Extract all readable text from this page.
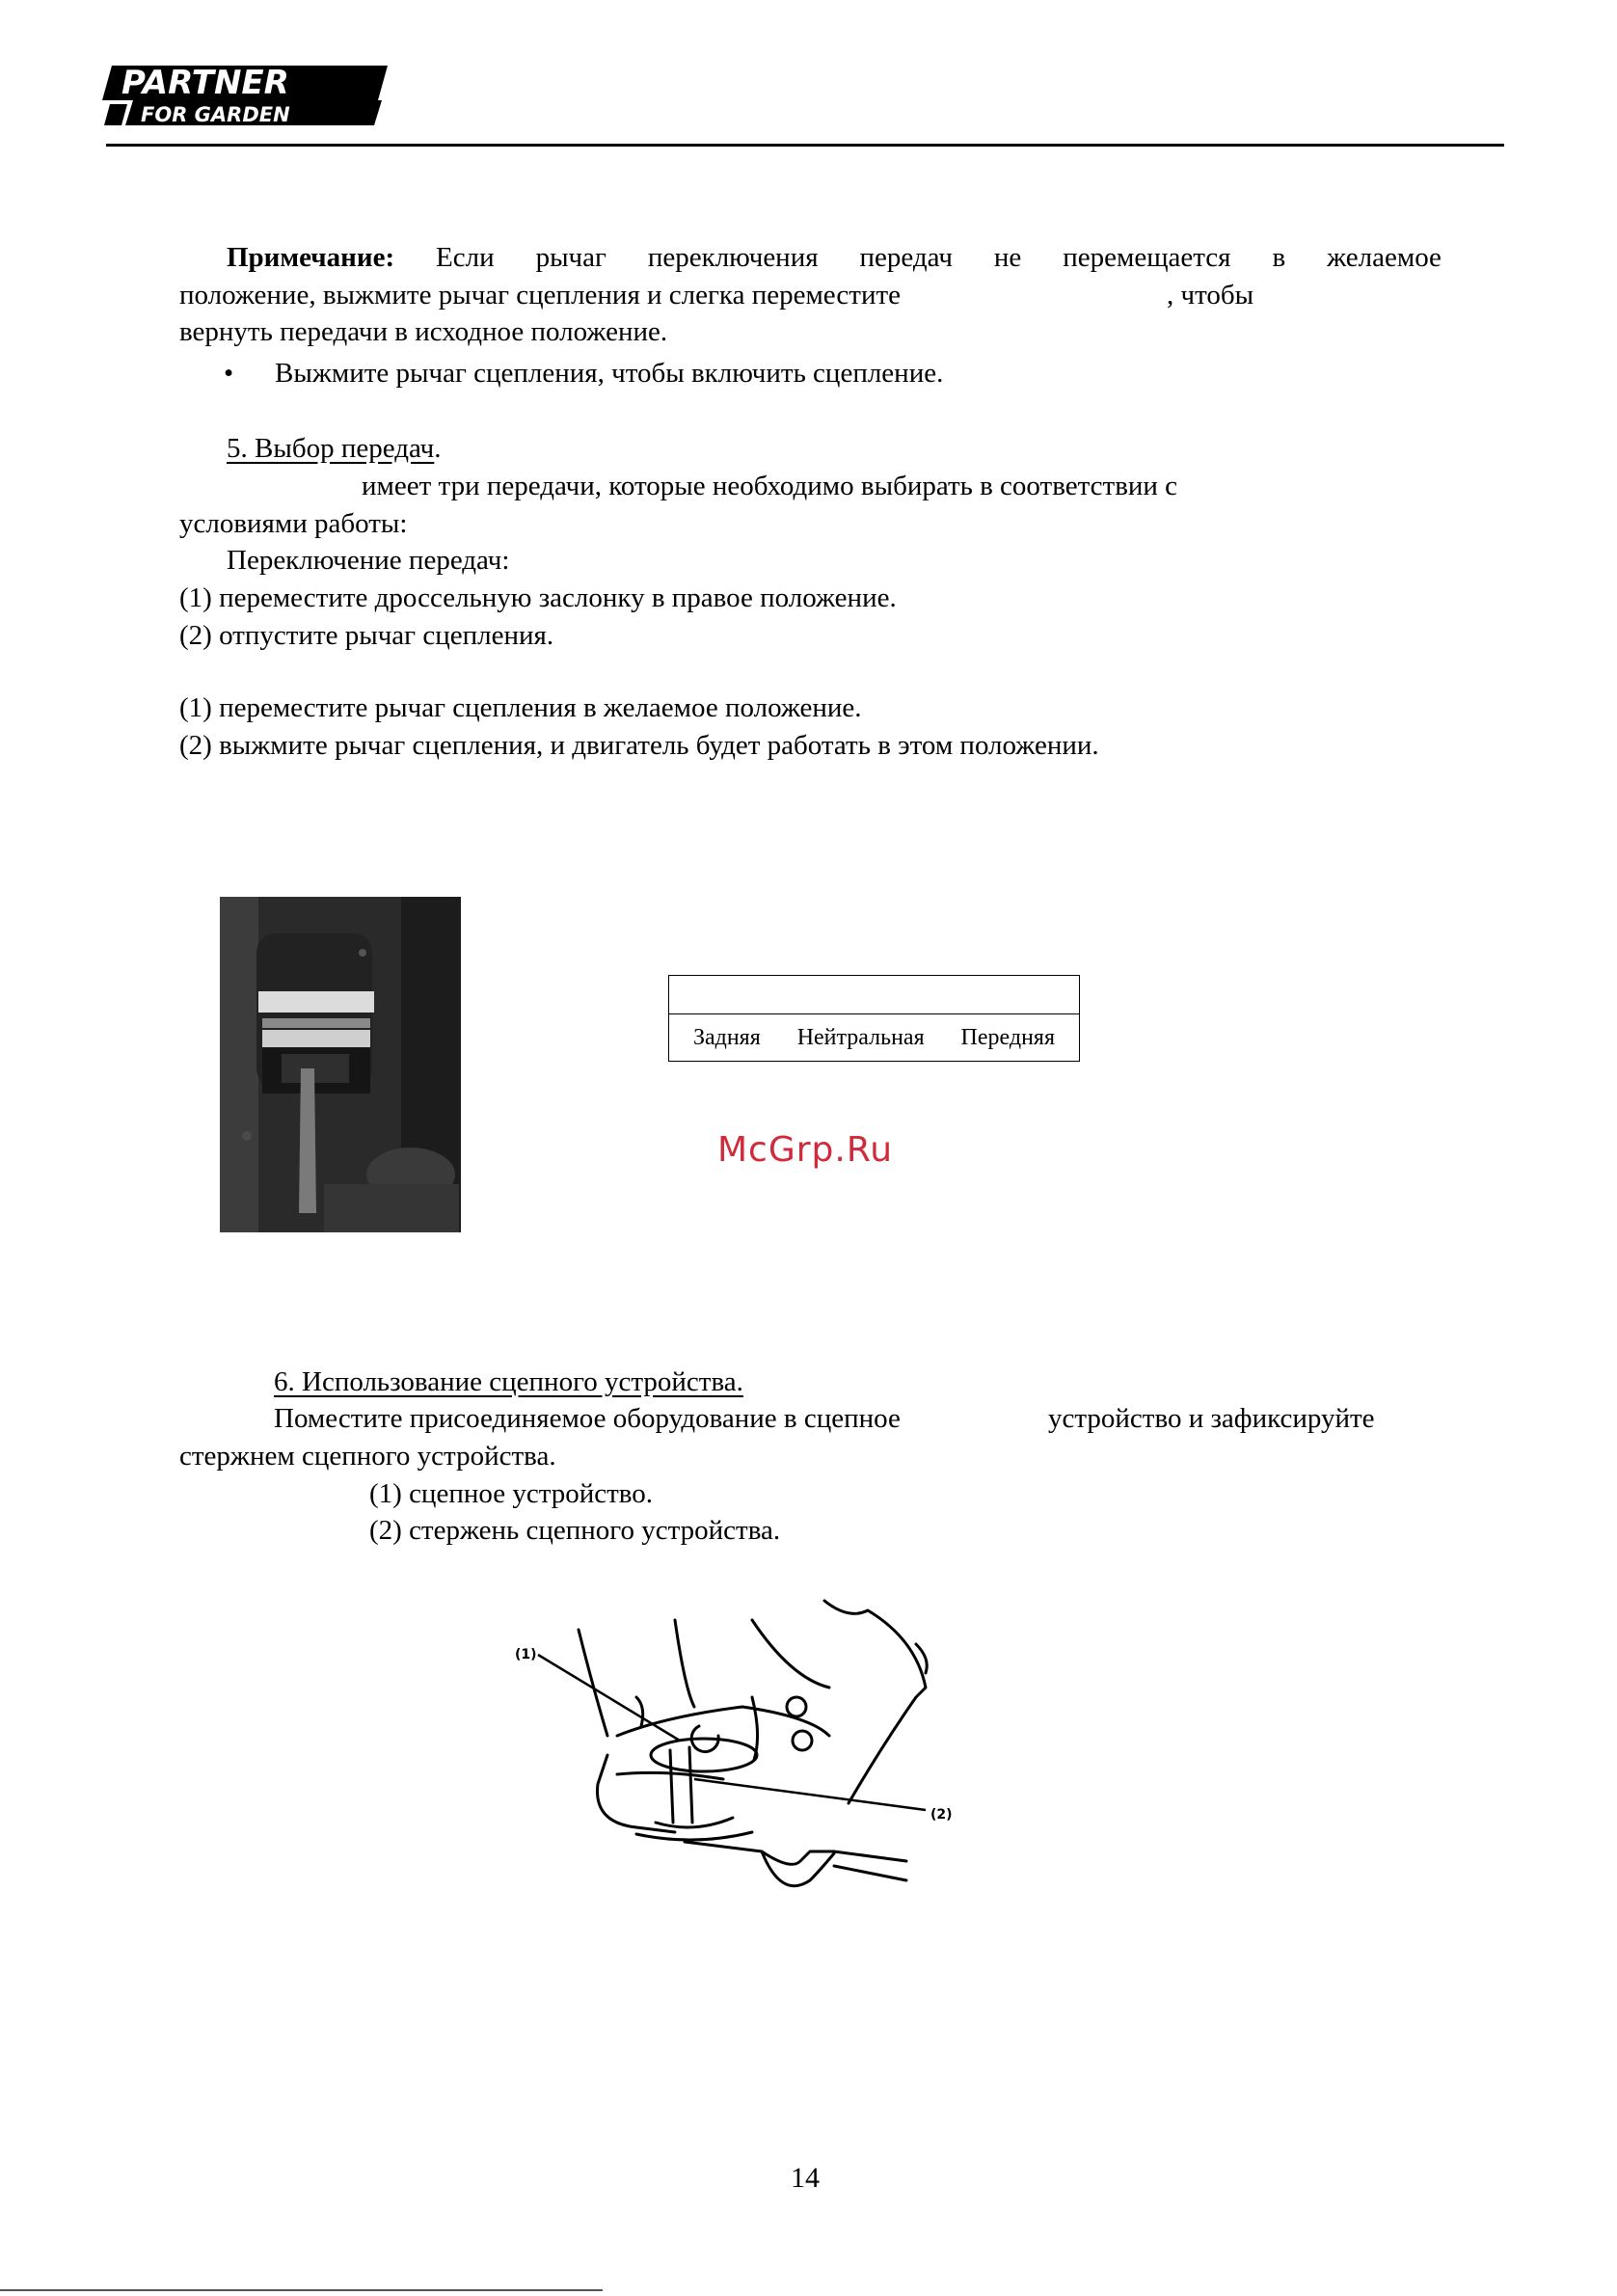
PARTNER
FOR GARDEN
Примечание: Если рычаг переключения передач не перемещается в желаемое
положение, выжмите рычаг сцепления и слегка переместите	, чтобы
вернуть передачи в исходное положение.
• Выжмите рычаг сцепления, чтобы включить сцепление.
5. Выбор передач.
имеет три передачи, которые необходимо выбирать в соответствии с
условиями работы:
Переключение передач:
(1) переместите дроссельную заслонку в правое положение.
(2) отпустите рычаг сцепления.
(1) переместите рычаг сцепления в желаемое положение.
(2) выжмите рычаг сцепления, и двигатель будет работать в этом положении.
Задняя Нейтральная Передняя
McGrp.Ru
6. Использование сцепного устройства.
Поместите присоединяемое оборудование в сцепное	устройство и зафиксируйте
стержнем сцепного устройства.
(1) сцепное устройство.
(2) стержень сцепного устройства.
(1)
(2)
14
